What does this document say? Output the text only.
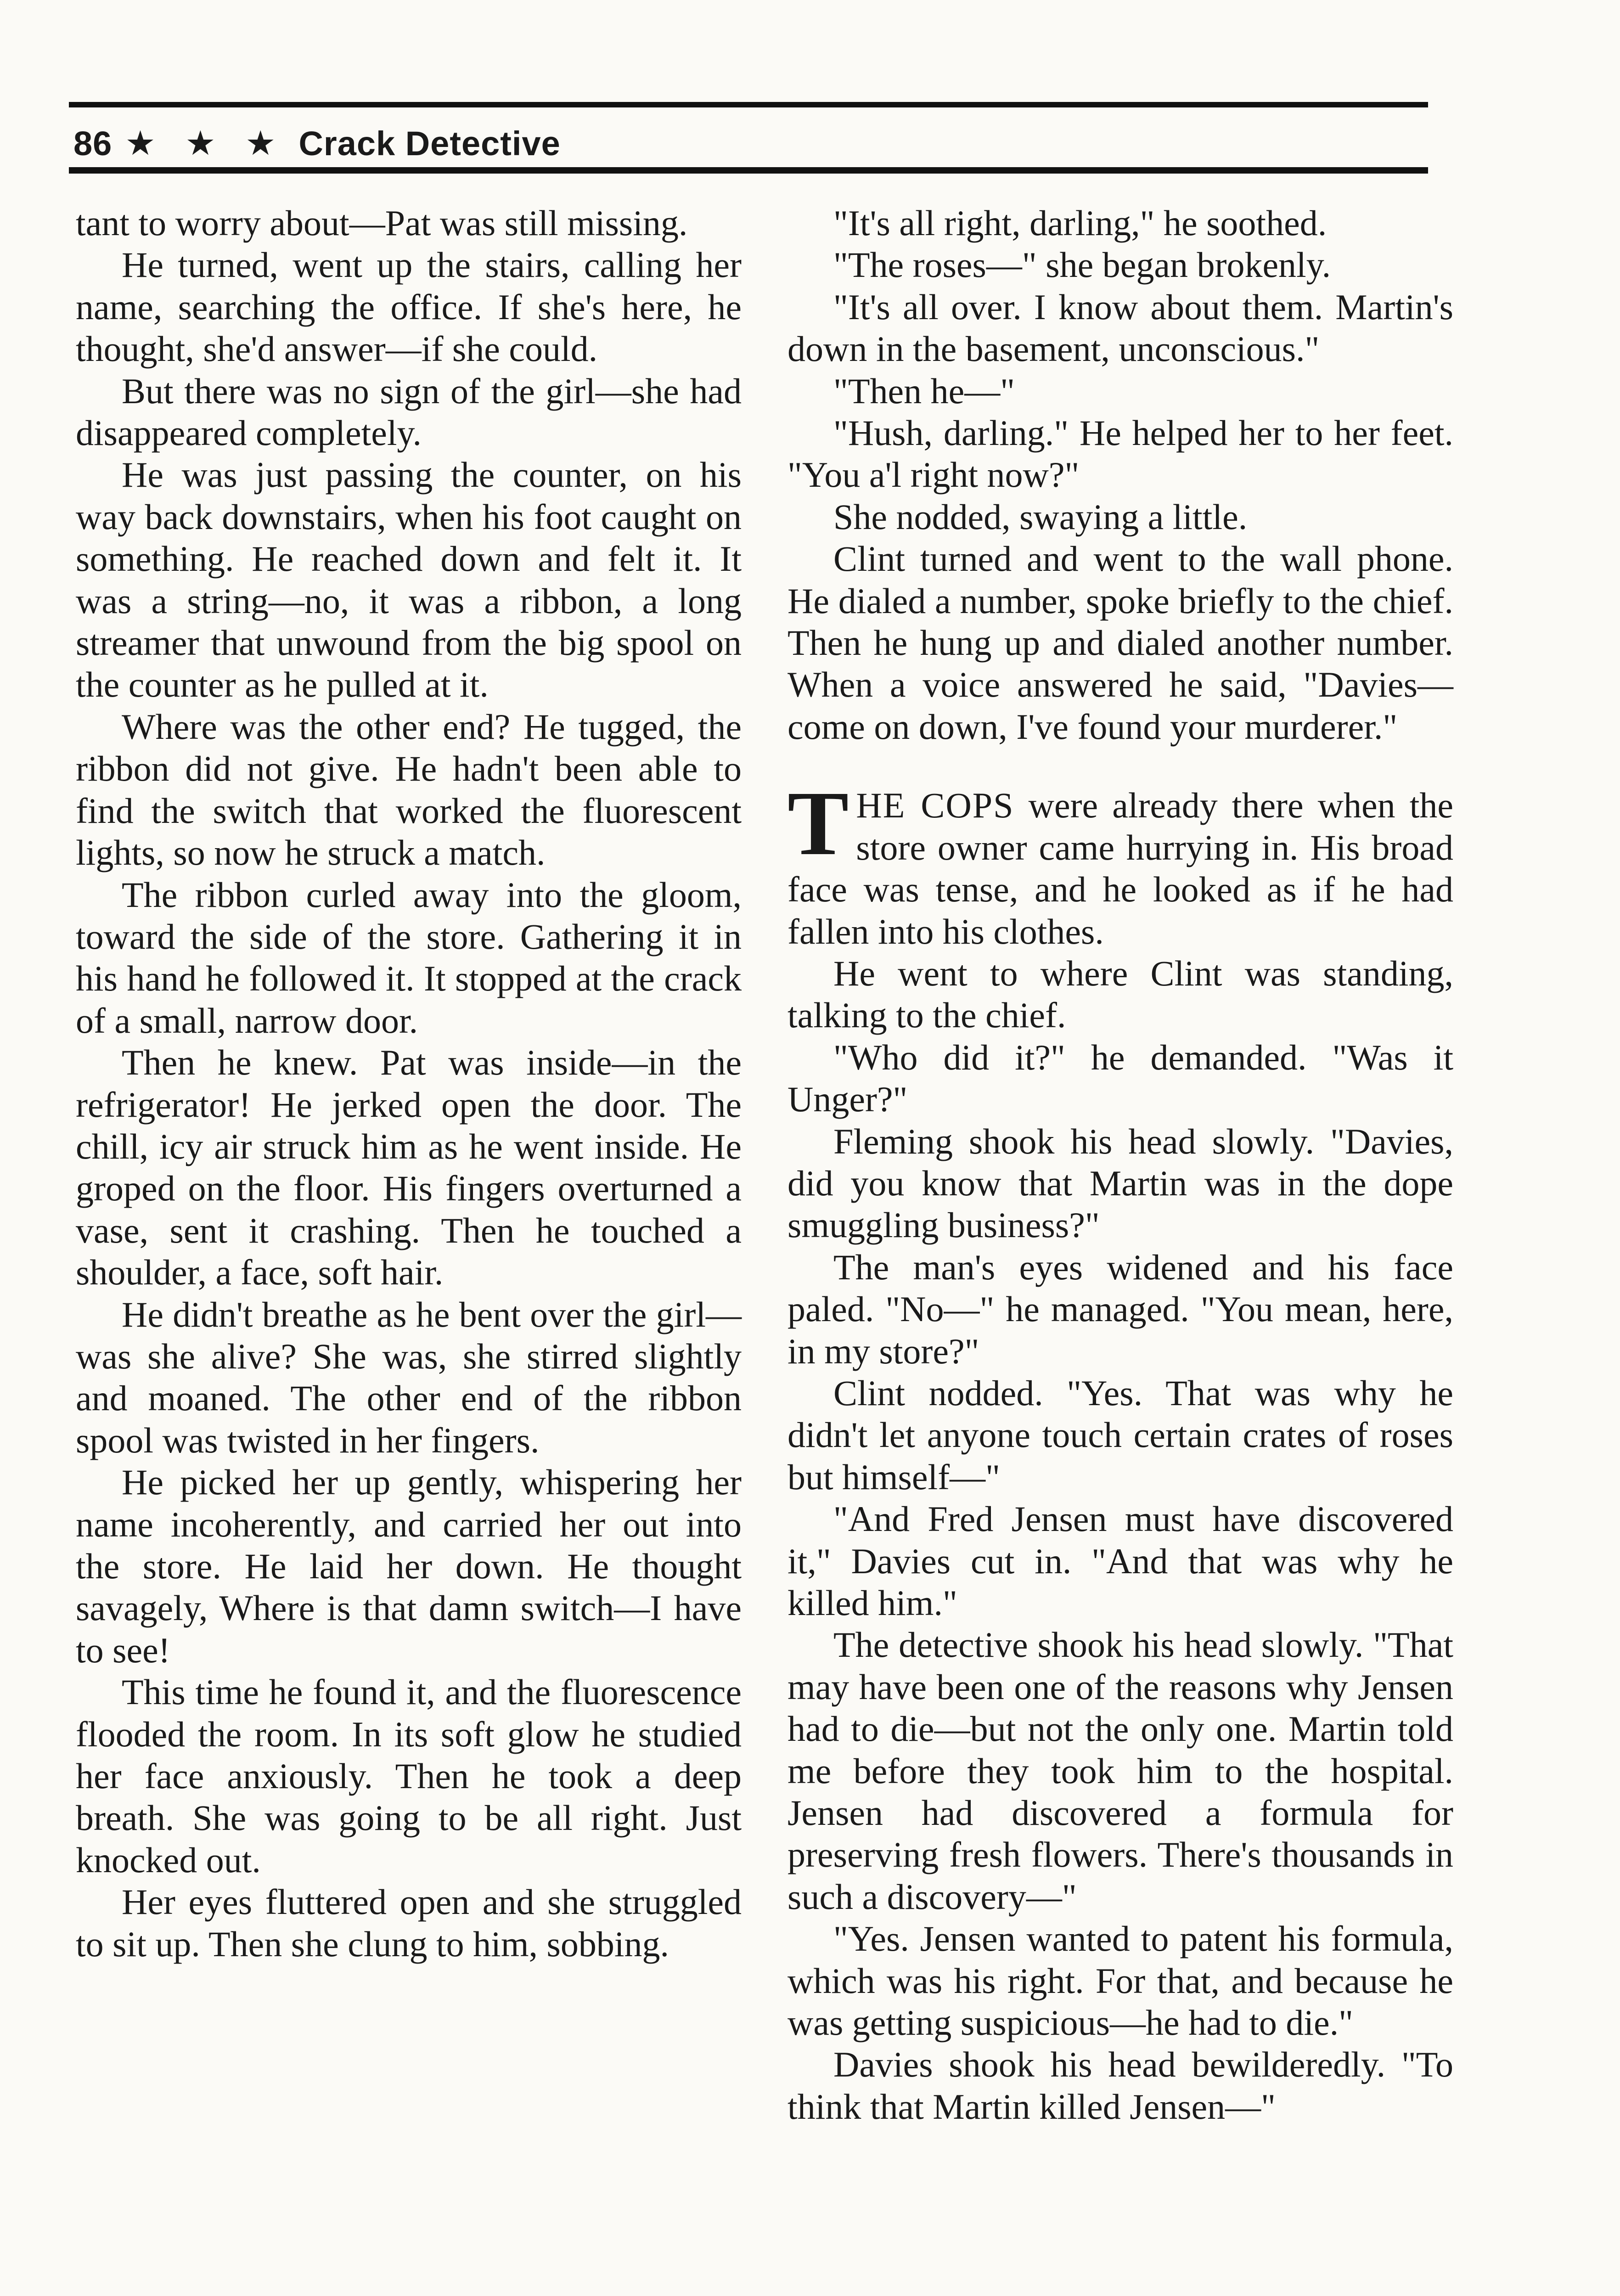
86 ★ ★ ★ Crack Detective

tant to worry about—Pat was still missing.

He turned, went up the stairs, calling her name, searching the office. If she's here, he thought, she'd answer—if she could.

But there was no sign of the girl—she had disappeared completely.

He was just passing the counter, on his way back downstairs, when his foot caught on something. He reached down and felt it. It was a string—no, it was a ribbon, a long streamer that unwound from the big spool on the counter as he pulled at it.

Where was the other end? He tugged, the ribbon did not give. He hadn't been able to find the switch that worked the fluorescent lights, so now he struck a match.

The ribbon curled away into the gloom, toward the side of the store. Gathering it in his hand he followed it. It stopped at the crack of a small, narrow door.

Then he knew. Pat was inside—in the refrigerator! He jerked open the door. The chill, icy air struck him as he went inside. He groped on the floor. His fingers overturned a vase, sent it crashing. Then he touched a shoulder, a face, soft hair.

He didn't breathe as he bent over the girl—was she alive? She was, she stirred slightly and moaned. The other end of the ribbon spool was twisted in her fingers.

He picked her up gently, whispering her name incoherently, and carried her out into the store. He laid her down. He thought savagely, Where is that damn switch—I have to see!

This time he found it, and the fluorescence flooded the room. In its soft glow he studied her face anxiously. Then he took a deep breath. She was going to be all right. Just knocked out.

Her eyes fluttered open and she struggled to sit up. Then she clung to him, sobbing.

"It's all right, darling," he soothed.

"The roses—" she began brokenly.

"It's all over. I know about them. Martin's down in the basement, unconscious."

"Then he—"

"Hush, darling." He helped her to her feet. "You a'l right now?"

She nodded, swaying a little.

Clint turned and went to the wall phone. He dialed a number, spoke briefly to the chief. Then he hung up and dialed another number. When a voice answered he said, "Davies—come on down, I've found your murderer."

THE COPS were already there when the store owner came hurrying in. His broad face was tense, and he looked as if he had fallen into his clothes.

He went to where Clint was standing, talking to the chief.

"Who did it?" he demanded. "Was it Unger?"

Fleming shook his head slowly. "Davies, did you know that Martin was in the dope smuggling business?"

The man's eyes widened and his face paled. "No—" he managed. "You mean, here, in my store?"

Clint nodded. "Yes. That was why he didn't let anyone touch certain crates of roses but himself—"

"And Fred Jensen must have discovered it," Davies cut in. "And that was why he killed him."

The detective shook his head slowly. "That may have been one of the reasons why Jensen had to die—but not the only one. Martin told me before they took him to the hospital. Jensen had discovered a formula for preserving fresh flowers. There's thousands in such a discovery—"

"Yes. Jensen wanted to patent his formula, which was his right. For that, and because he was getting suspicious—he had to die."

Davies shook his head bewilderedly. "To think that Martin killed Jensen—"
